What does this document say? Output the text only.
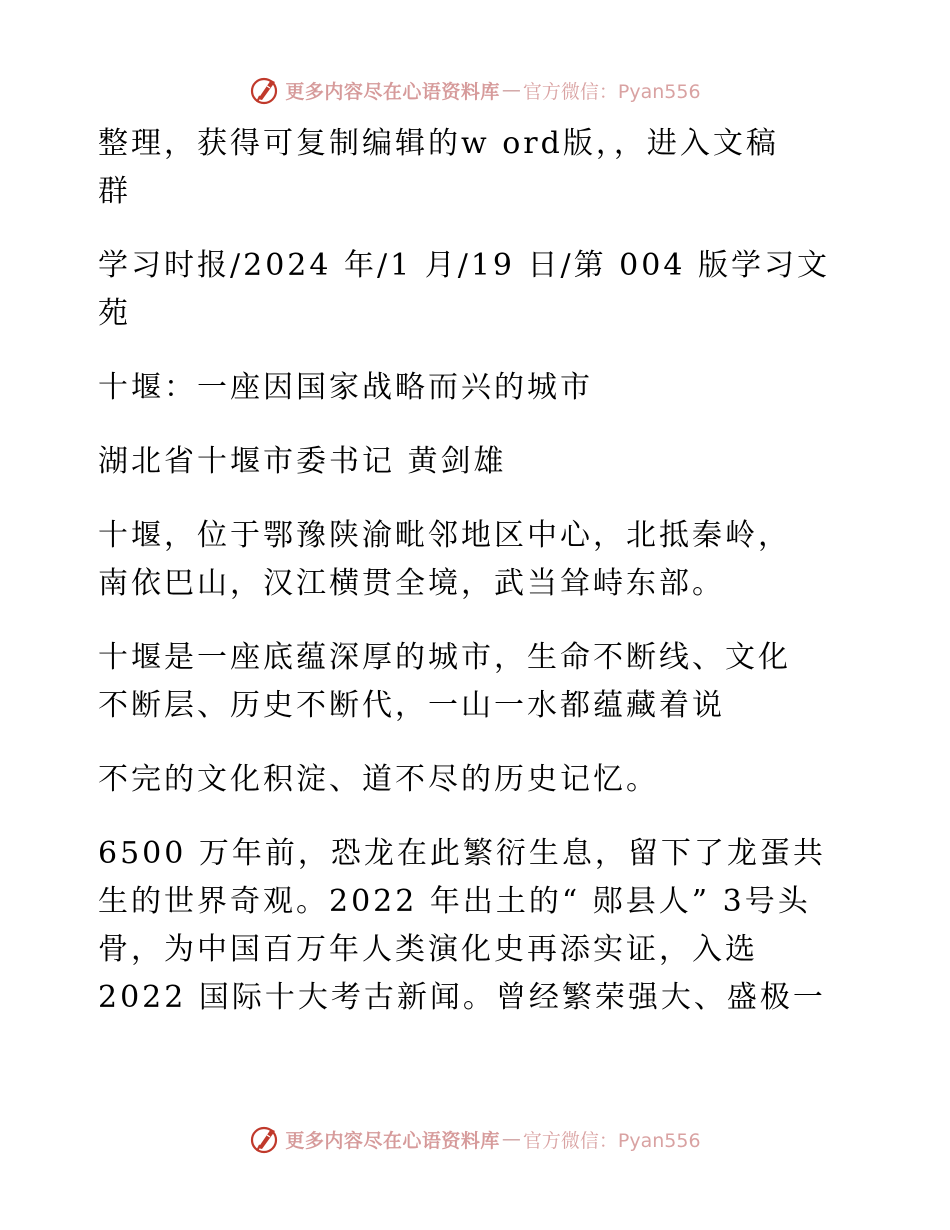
更多内容尽在心语资料库 — 官方微信：Pyan556

整理，获得可复制编辑的w ord版，，进入文稿

群

学习时报/2024 年/1 月/19 日/第 004 版学习文

苑

十堰：一座因国家战略而兴的城市

湖北省十堰市委书记 黄剑雄

十堰，位于鄂豫陕渝毗邻地区中心，北抵秦岭，

南依巴山，汉江横贯全境，武当耸峙东部。

十堰是一座底蕴深厚的城市，生命不断线、文化

不断层、历史不断代，一山一水都蕴藏着说

不完的文化积淀、道不尽的历史记忆。

6500 万年前，恐龙在此繁衍生息，留下了龙蛋共

生的世界奇观。2022 年出土的“ 郧县人” 3号头

骨，为中国百万年人类演化史再添实证，入选

2022 国际十大考古新闻。曾经繁荣强大、盛极一

更多内容尽在心语资料库 — 官方微信：Pyan556
